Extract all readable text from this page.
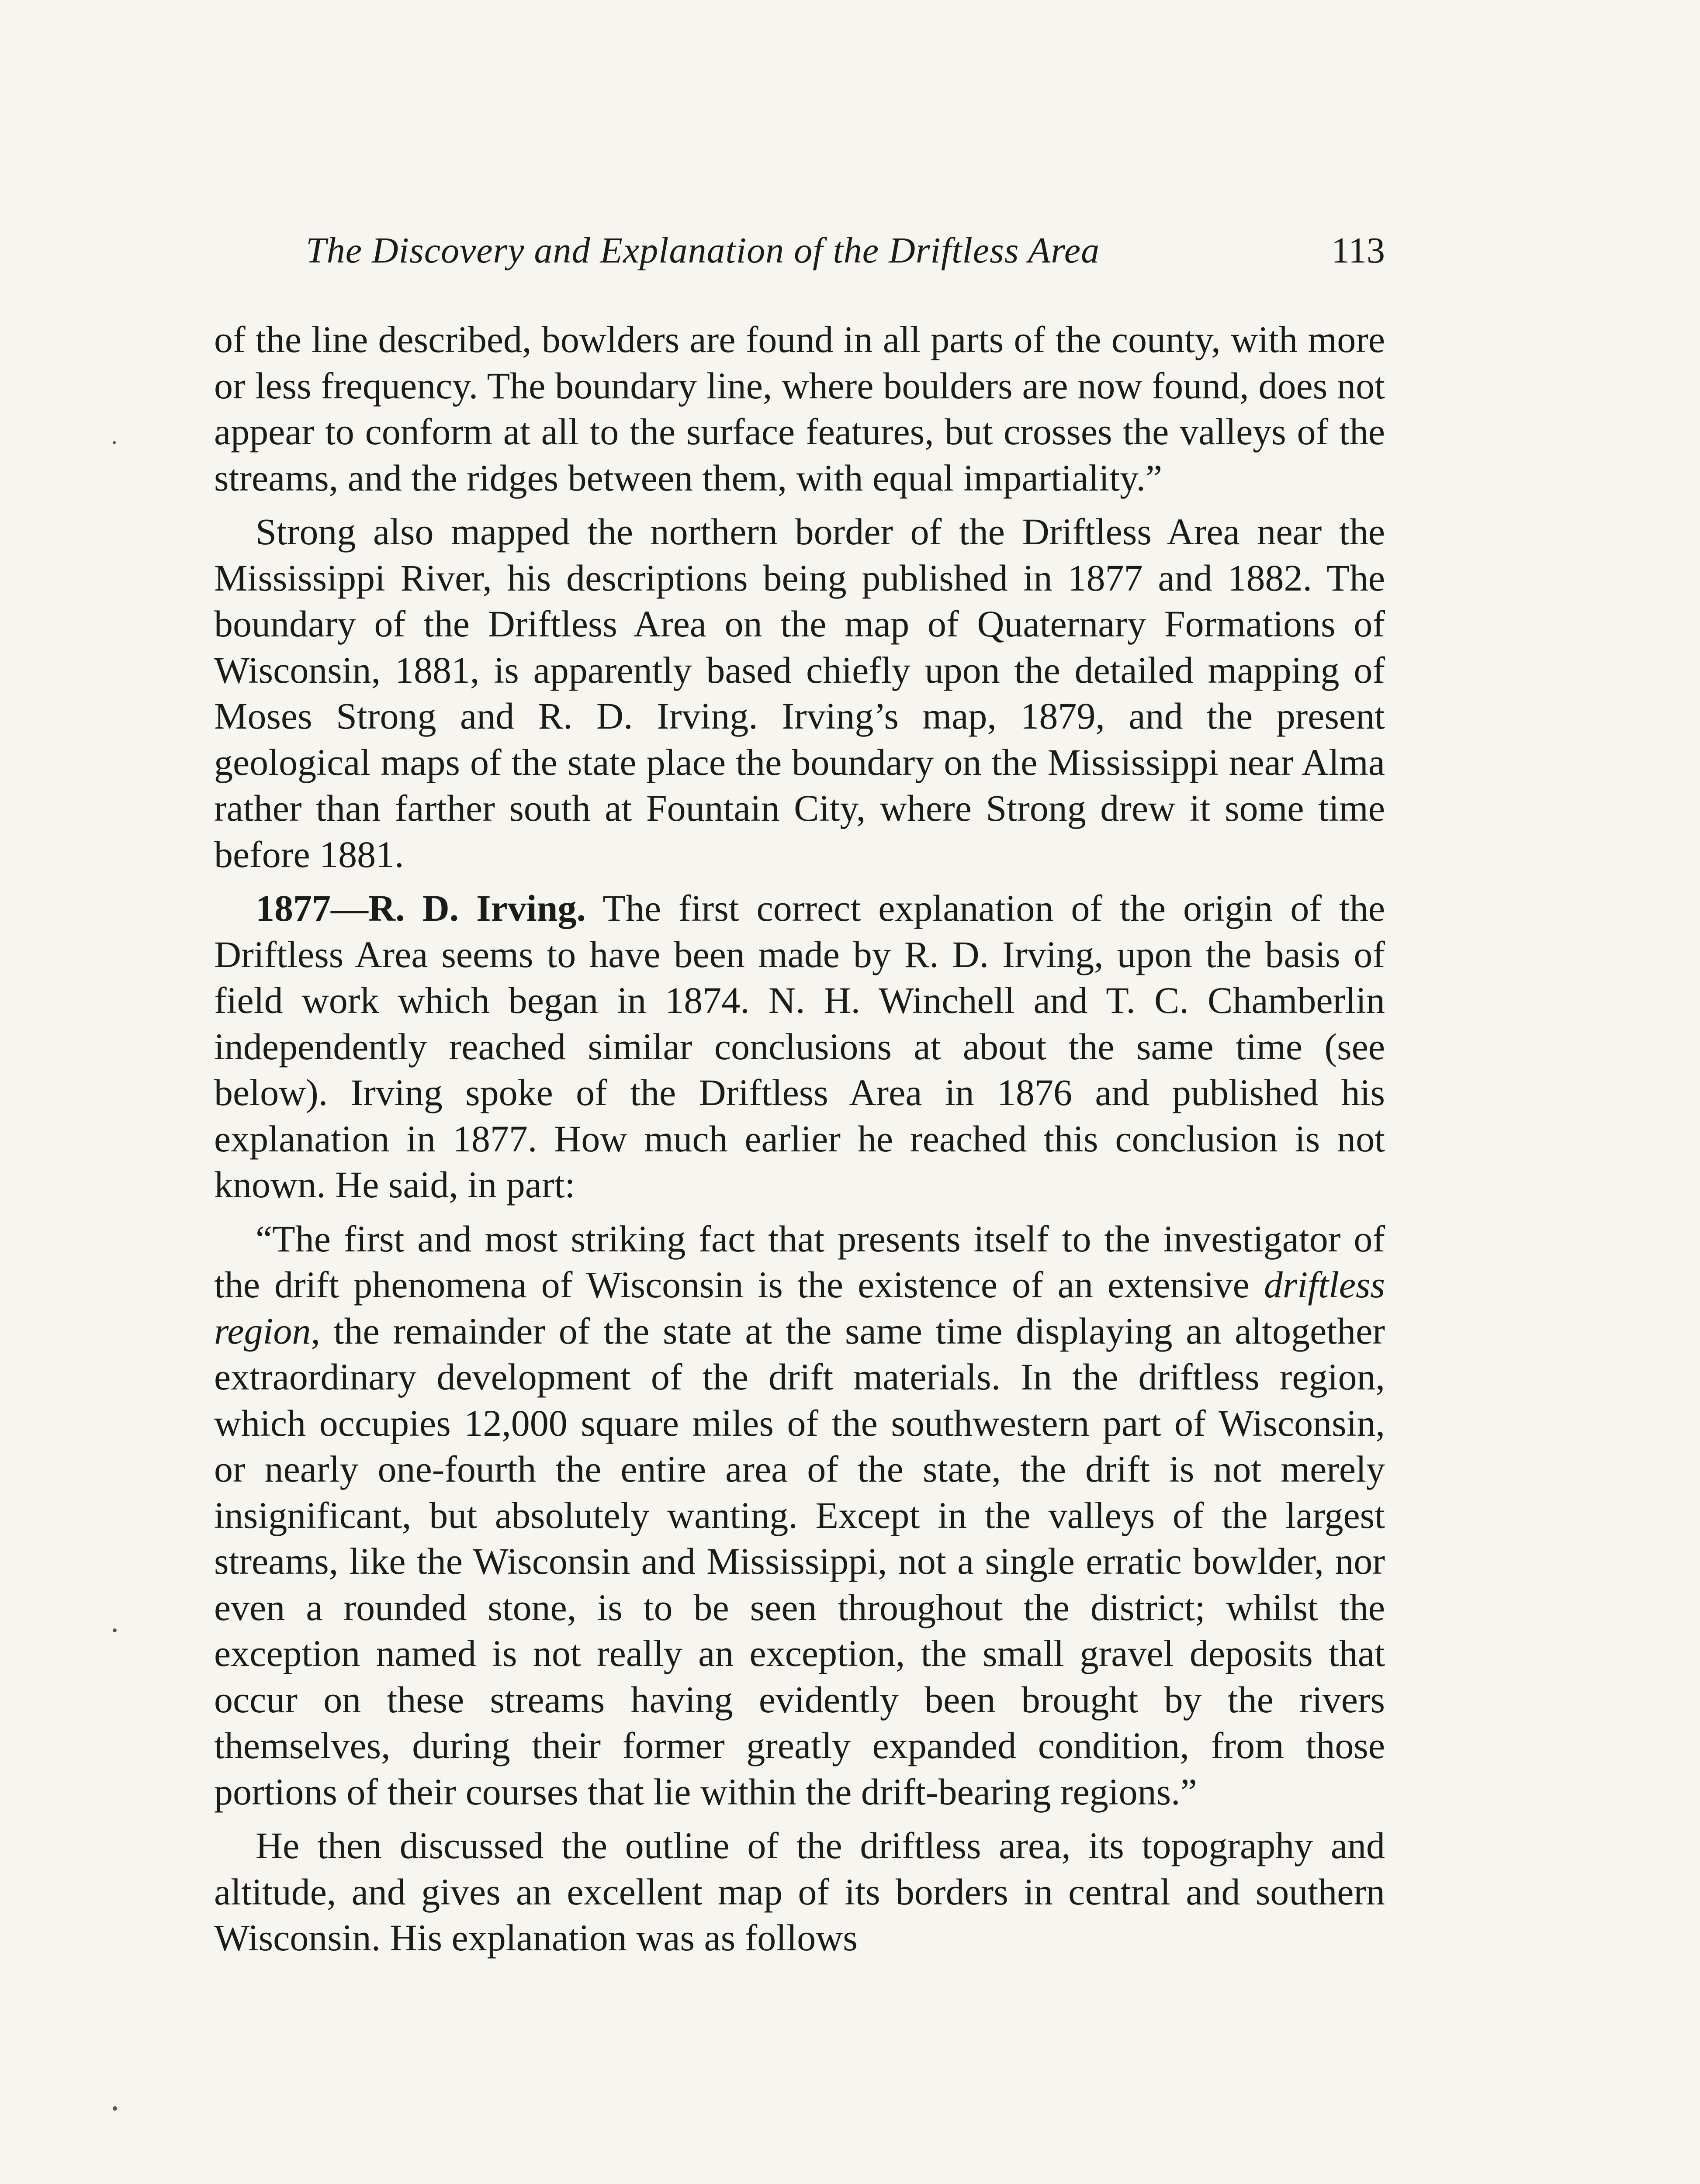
The Discovery and Explanation of the Driftless Area	113

of the line described, bowlders are found in all parts of the county, with more or less frequency. The boundary line, where boulders are now found, does not appear to conform at all to the surface features, but crosses the valleys of the streams, and the ridges between them, with equal impartiality.”

Strong also mapped the northern border of the Driftless Area near the Mississippi River, his descriptions being published in 1877 and 1882. The boundary of the Driftless Area on the map of Quaternary Formations of Wisconsin, 1881, is apparently based chiefly upon the detailed mapping of Moses Strong and R. D. Irving. Irving’s map, 1879, and the present geological maps of the state place the boundary on the Mississippi near Alma rather than farther south at Fountain City, where Strong drew it some time before 1881.

1877—R. D. Irving. The first correct explanation of the origin of the Driftless Area seems to have been made by R. D. Irving, upon the basis of field work which began in 1874. N. H. Winchell and T. C. Chamberlin independently reached similar conclusions at about the same time (see below). Irving spoke of the Driftless Area in 1876 and published his explanation in 1877. How much earlier he reached this conclusion is not known. He said, in part:

“The first and most striking fact that presents itself to the investigator of the drift phenomena of Wisconsin is the existence of an extensive driftless region, the remainder of the state at the same time displaying an altogether extraordinary development of the drift materials. In the driftless region, which occupies 12,000 square miles of the southwestern part of Wisconsin, or nearly one-fourth the entire area of the state, the drift is not merely insignificant, but absolutely wanting. Except in the valleys of the largest streams, like the Wisconsin and Mississippi, not a single erratic bowlder, nor even a rounded stone, is to be seen throughout the district; whilst the exception named is not really an exception, the small gravel deposits that occur on these streams having evidently been brought by the rivers themselves, during their former greatly expanded condition, from those portions of their courses that lie within the drift-bearing regions.”

He then discussed the outline of the driftless area, its topography and altitude, and gives an excellent map of its borders in central and southern Wisconsin. His explanation was as follows
